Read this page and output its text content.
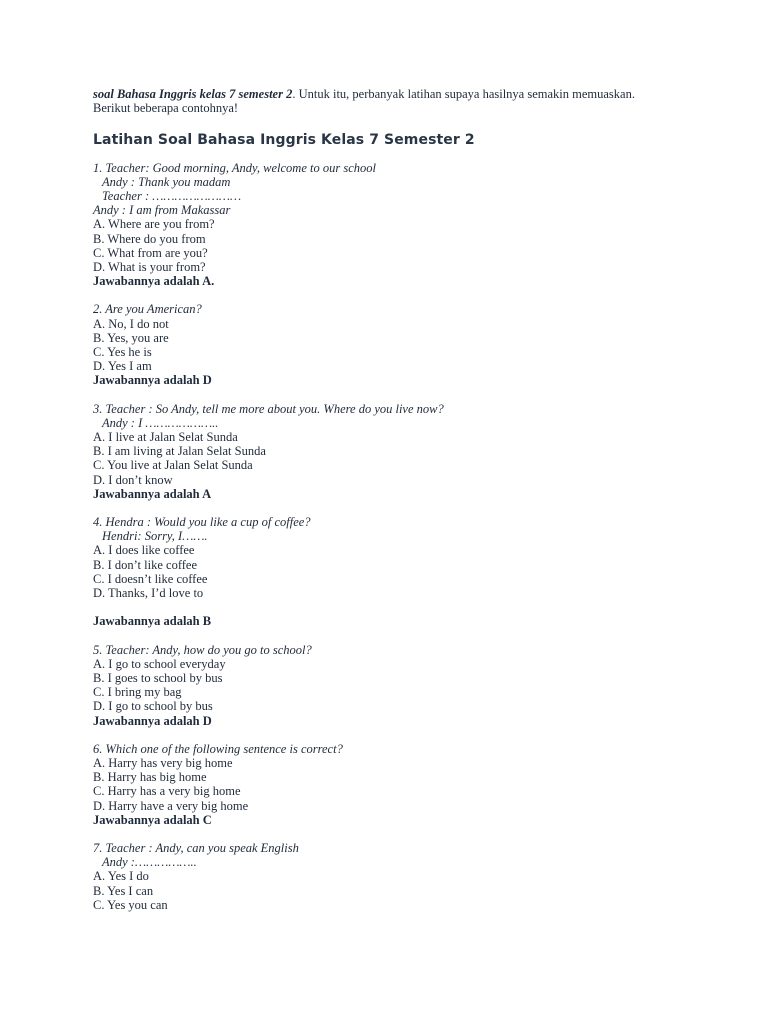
soal Bahasa Inggris kelas 7 semester 2. Untuk itu, perbanyak latihan supaya hasilnya semakin memuaskan. Berikut beberapa contohnya!

Latihan Soal Bahasa Inggris Kelas 7 Semester 2
1. Teacher: Good morning, Andy, welcome to our school
Andy : Thank you madam
Teacher : ……………………
Andy : I am from Makassar
A. Where are you from?
B. Where do you from
C. What from are you?
D. What is your from?
Jawabannya adalah A.
2. Are you American?
A. No, I do not
B. Yes, you are
C. Yes he is
D. Yes I am
Jawabannya adalah D
3. Teacher : So Andy, tell me more about you. Where do you live now?
Andy : I ………………..
A. I live at Jalan Selat Sunda
B. I am living at Jalan Selat Sunda
C. You live at Jalan Selat Sunda
D. I don’t know
Jawabannya adalah A
4. Hendra : Would you like a cup of coffee?
Hendri: Sorry, I…….
A. I does like coffee
B. I don’t like coffee
C. I doesn’t like coffee
D. Thanks, I’d love to
Jawabannya adalah B
5. Teacher: Andy, how do you go to school?
A. I go to school everyday
B. I goes to school by bus
C. I bring my bag
D. I go to school by bus
Jawabannya adalah D
6. Which one of the following sentence is correct?
A. Harry has very big home
B. Harry has big home
C. Harry has a very big home
D. Harry have a very big home
Jawabannya adalah C
7. Teacher : Andy, can you speak English
Andy :……………..
A. Yes I do
B. Yes I can
C. Yes you can
